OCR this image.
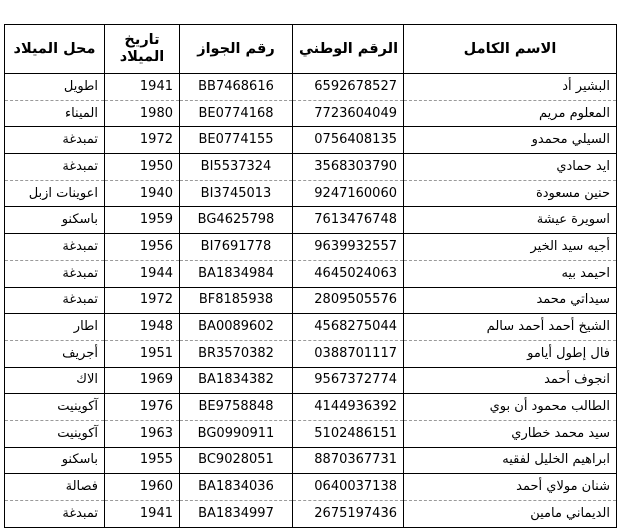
محل الميلاد	تاريخ الميلاد	رقم الجواز	الرقم الوطني	الاسم الكامل
اطويل	1941	BB7468616	6592678527	البشير أد
الميناء	1980	BE0774168	7723604049	المعلوم مريم
تمبدغة	1972	BE0774155	0756408135	السيلي محمدو
تمبدغة	1950	BI5537324	3568303790	ايد حمادي
اعوينات ازبل	1940	BI3745013	9247160060	حنين مسعودة
باسكنو	1959	BG4625798	7613476748	اسويرة عيشة
تمبدغة	1956	BI7691778	9639932557	أجيه سيد الخير
تمبدغة	1944	BA1834984	4645024063	احيمد بيه
تمبدغة	1972	BF8185938	2809505576	سيداتي محمد
اطار	1948	BA0089602	4568275044	الشيخ أحمد أحمد سالم
أجريف	1951	BR3570382	0388701117	فال إطول أيامو
الاك	1969	BA1834382	9567372774	انجوف أحمد
آكوينيت	1976	BE9758848	4144936392	الطالب محمود أن بوي
آكوينيت	1963	BG0990911	5102486151	سيد محمد خطاري
باسكنو	1955	BC9028051	8870367731	ابراهيم الخليل لفقيه
فصالة	1960	BA1834036	0640037138	شنان مولاي أحمد
تمبدغة	1941	BA1834997	2675197436	الديماني مامين
